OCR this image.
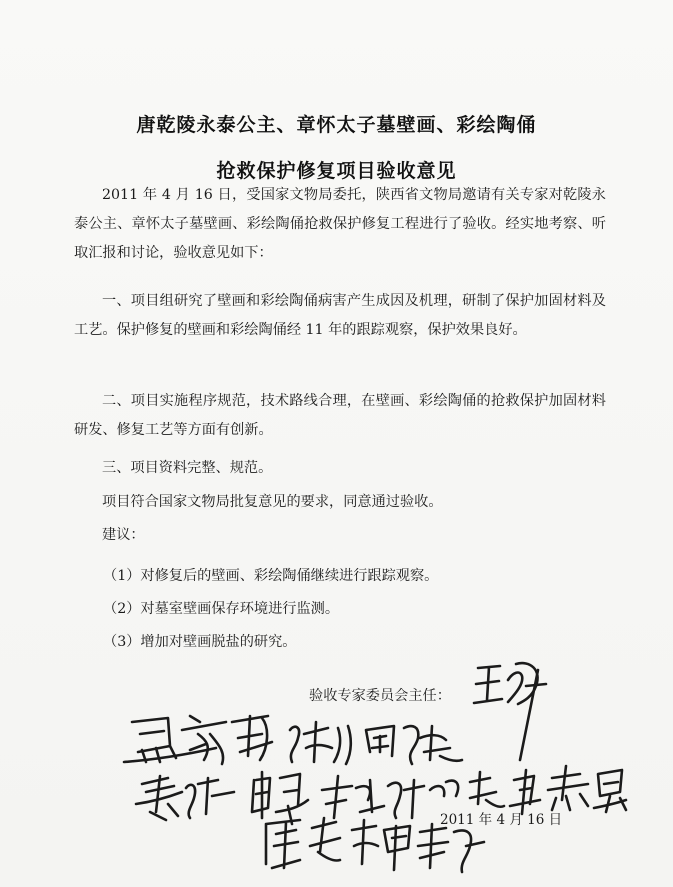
唐乾陵永泰公主、章怀太子墓壁画、彩绘陶俑
抢救保护修复项目验收意见

2011 年 4 月 16 日，受国家文物局委托，陕西省文物局邀请有关专家对乾陵永泰公主、章怀太子墓壁画、彩绘陶俑抢救保护修复工程进行了验收。经实地考察、听取汇报和讨论，验收意见如下：

一、项目组研究了壁画和彩绘陶俑病害产生成因及机理，研制了保护加固材料及工艺。保护修复的壁画和彩绘陶俑经 11 年的跟踪观察，保护效果良好。

二、项目实施程序规范，技术路线合理，在壁画、彩绘陶俑的抢救保护加固材料研发、修复工艺等方面有创新。

三、项目资料完整、规范。

项目符合国家文物局批复意见的要求，同意通过验收。

建议：

（1）对修复后的壁画、彩绘陶俑继续进行跟踪观察。
（2）对墓室壁画保存环境进行监测。
（3）增加对壁画脱盐的研究。
验收专家委员会主任：
2011 年 4 月 16 日
